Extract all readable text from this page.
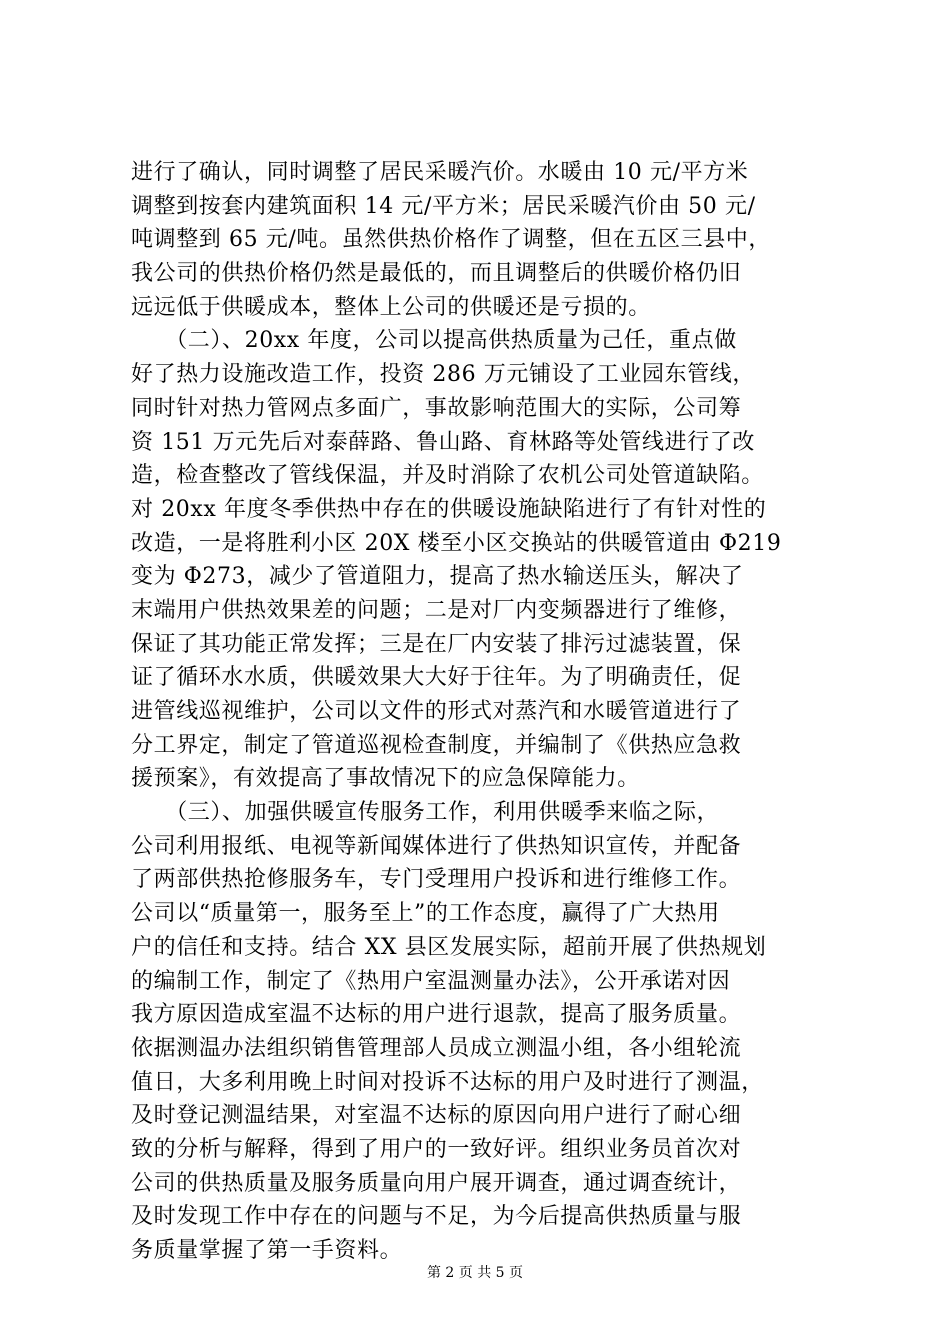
进行了确认，同时调整了居民采暖汽价。水暖由 10 元/平方米
调整到按套内建筑面积 14 元/平方米；居民采暖汽价由 50 元/
吨调整到 65 元/吨。虽然供热价格作了调整，但在五区三县中，
我公司的供热价格仍然是最低的，而且调整后的供暖价格仍旧
远远低于供暖成本，整体上公司的供暖还是亏损的。
　　（二）、20xx 年度，公司以提高供热质量为己任，重点做
好了热力设施改造工作，投资 286 万元铺设了工业园东管线，
同时针对热力管网点多面广，事故影响范围大的实际，公司筹
资 151 万元先后对泰薛路、鲁山路、育林路等处管线进行了改
造，检查整改了管线保温，并及时消除了农机公司处管道缺陷。
对 20xx 年度冬季供热中存在的供暖设施缺陷进行了有针对性的
改造，一是将胜利小区 20X 楼至小区交换站的供暖管道由 Φ219
变为 Φ273，减少了管道阻力，提高了热水输送压头，解决了
末端用户供热效果差的问题；二是对厂内变频器进行了维修，
保证了其功能正常发挥；三是在厂内安装了排污过滤装置，保
证了循环水水质，供暖效果大大好于往年。为了明确责任，促
进管线巡视维护，公司以文件的形式对蒸汽和水暖管道进行了
分工界定，制定了管道巡视检查制度，并编制了《供热应急救
援预案》，有效提高了事故情况下的应急保障能力。
　　（三）、加强供暖宣传服务工作，利用供暖季来临之际，
公司利用报纸、电视等新闻媒体进行了供热知识宣传，并配备
了两部供热抢修服务车，专门受理用户投诉和进行维修工作。
公司以“质量第一，服务至上”的工作态度，赢得了广大热用
户的信任和支持。结合 XX 县区发展实际，超前开展了供热规划
的编制工作，制定了《热用户室温测量办法》，公开承诺对因
我方原因造成室温不达标的用户进行退款，提高了服务质量。
依据测温办法组织销售管理部人员成立测温小组，各小组轮流
值日，大多利用晚上时间对投诉不达标的用户及时进行了测温，
及时登记测温结果，对室温不达标的原因向用户进行了耐心细
致的分析与解释，得到了用户的一致好评。组织业务员首次对
公司的供热质量及服务质量向用户展开调查，通过调查统计，
及时发现工作中存在的问题与不足，为今后提高供热质量与服
务质量掌握了第一手资料。
第 2 页 共 5 页
